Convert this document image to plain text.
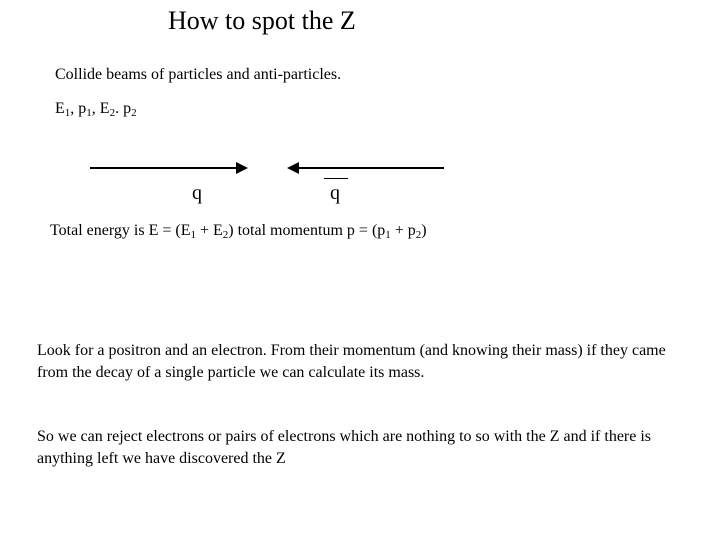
How to spot the Z
Collide beams of particles and anti-particles.
$E_1$, $p_1$, $E_2$. $p_2$
q	q
Total energy is $E = (E_1 + E_2)$ total momentum $p = (p_1 + p_2)$
Look for a positron and an electron. From their momentum (and knowing their mass) if they came from the decay of a single particle we can calculate its mass.
So we can reject electrons or pairs of electrons which are nothing to so with the Z and if there is anything left we have discovered the Z
